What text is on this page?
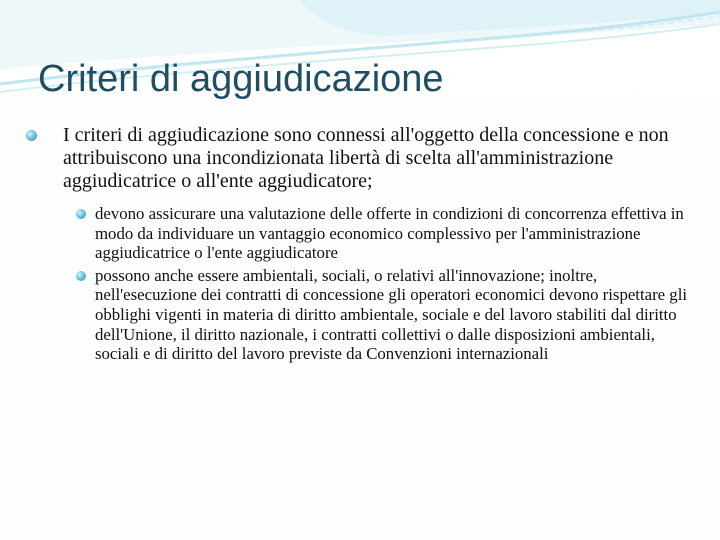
Criteri di aggiudicazione
I criteri di aggiudicazione sono connessi all'oggetto della concessione e non attribuiscono una incondizionata libertà di scelta all'amministrazione aggiudicatrice o all'ente aggiudicatore;
devono assicurare una valutazione delle offerte in condizioni di concorrenza effettiva in modo da individuare un vantaggio economico complessivo per l'amministrazione aggiudicatrice o l'ente aggiudicatore
possono anche essere ambientali, sociali, o relativi all'innovazione; inoltre, nell'esecuzione dei contratti di concessione gli operatori economici devono rispettare gli obblighi vigenti in materia di diritto ambientale, sociale e del lavoro stabiliti dal diritto dell'Unione, il diritto nazionale, i contratti collettivi o dalle disposizioni ambientali, sociali e di diritto del lavoro previste da Convenzioni internazionali
